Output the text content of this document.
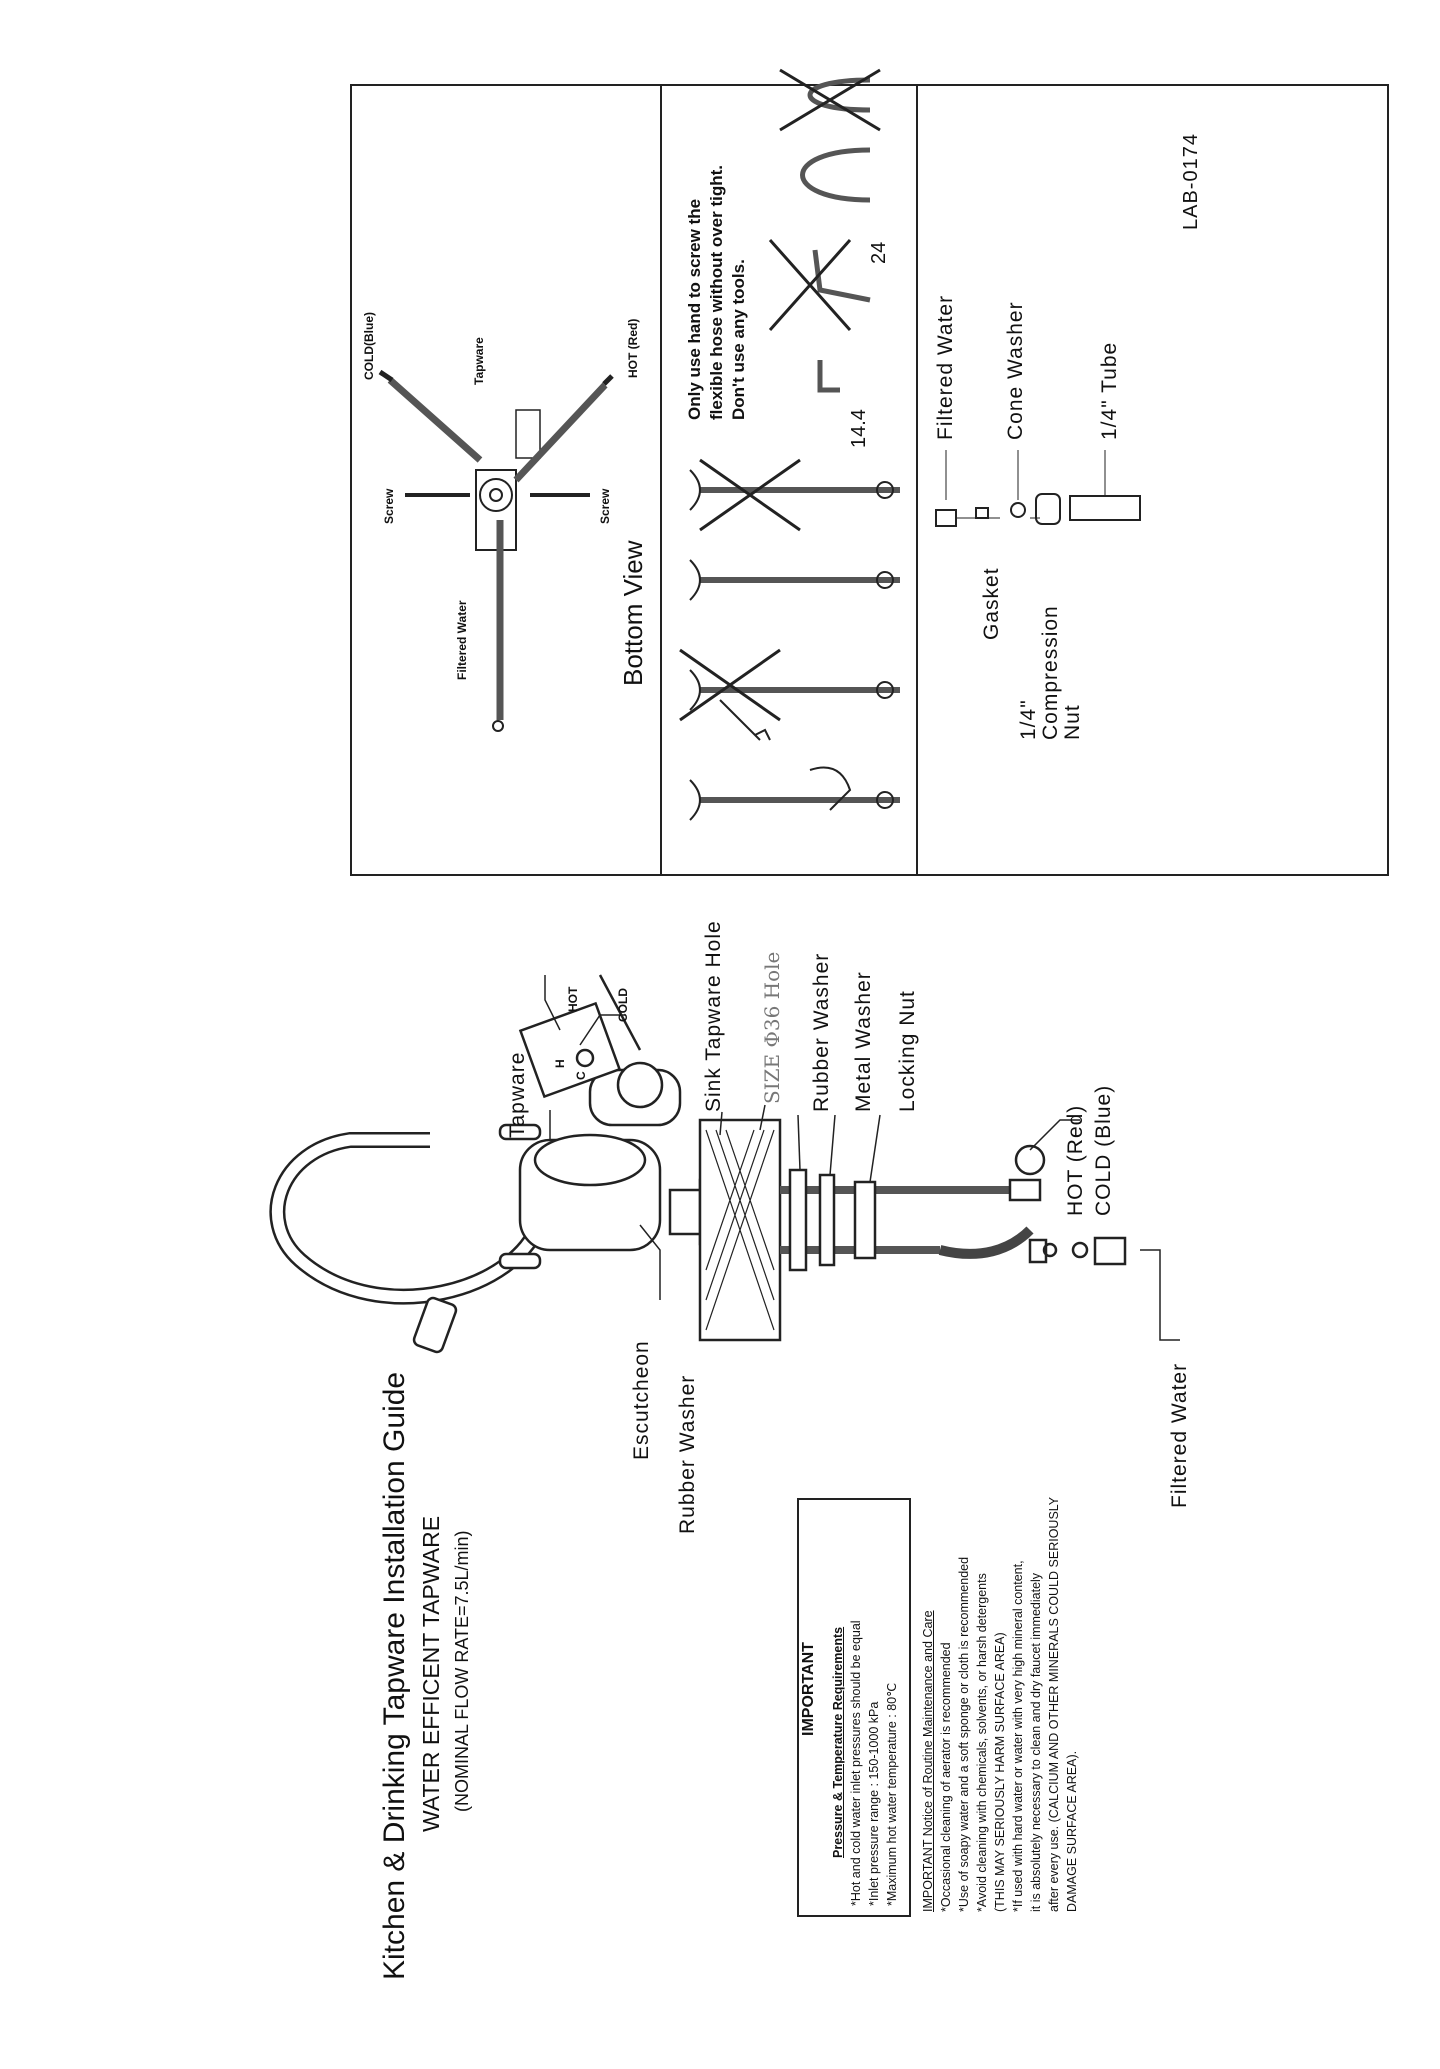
Kitchen & Drinking Tapware Installation Guide WATER EFFICENT TAPWARE (NOMINAL FLOW RATE=7.5L/min)	IMPORTANT Pressure & Temperature Requirements *Hot and cold water inlet pressures should be equal *Inlet pressure range : 150-1000 kPa *Maximum hot water temperature : 80℃ IMPORTANT Notice of Routine Maintenance and Care *Occasional cleaning of aerator is recommended *Use of soapy water and a soft sponge or cloth is recommended *Avoid cleaning with chemicals, solvents, or harsh detergents (THIS MAY SERIOUSLY HARM SURFACE AREA) *If used with hard water or water with very high mineral content, it is absolutely necessary to clean and dry faucet immediately after every use. (CALCIUM AND OTHER MINERALS COULD SERIOUSLY DAMAGE SURFACE AREA).
Tapware
HOT	COLD
H
C
Escutcheon Rubber Washer
Sink Tapware Hole SIZE Φ36 Hole Rubber Washer Metal Washer Locking Nut
HOT (Red) COLD (Blue)
Filtered Water
Filtered Water
Screw	Screw
COLD(Blue)	Tapware	HOT (Red)
Bottom View
Only use hand to screw the flexible hose without over tight. Don't use any tools.
14.4
24
Filtered Water
Gasket
Cone Washer
1/4" Compression Nut
1/4" Tube
LAB-0174
